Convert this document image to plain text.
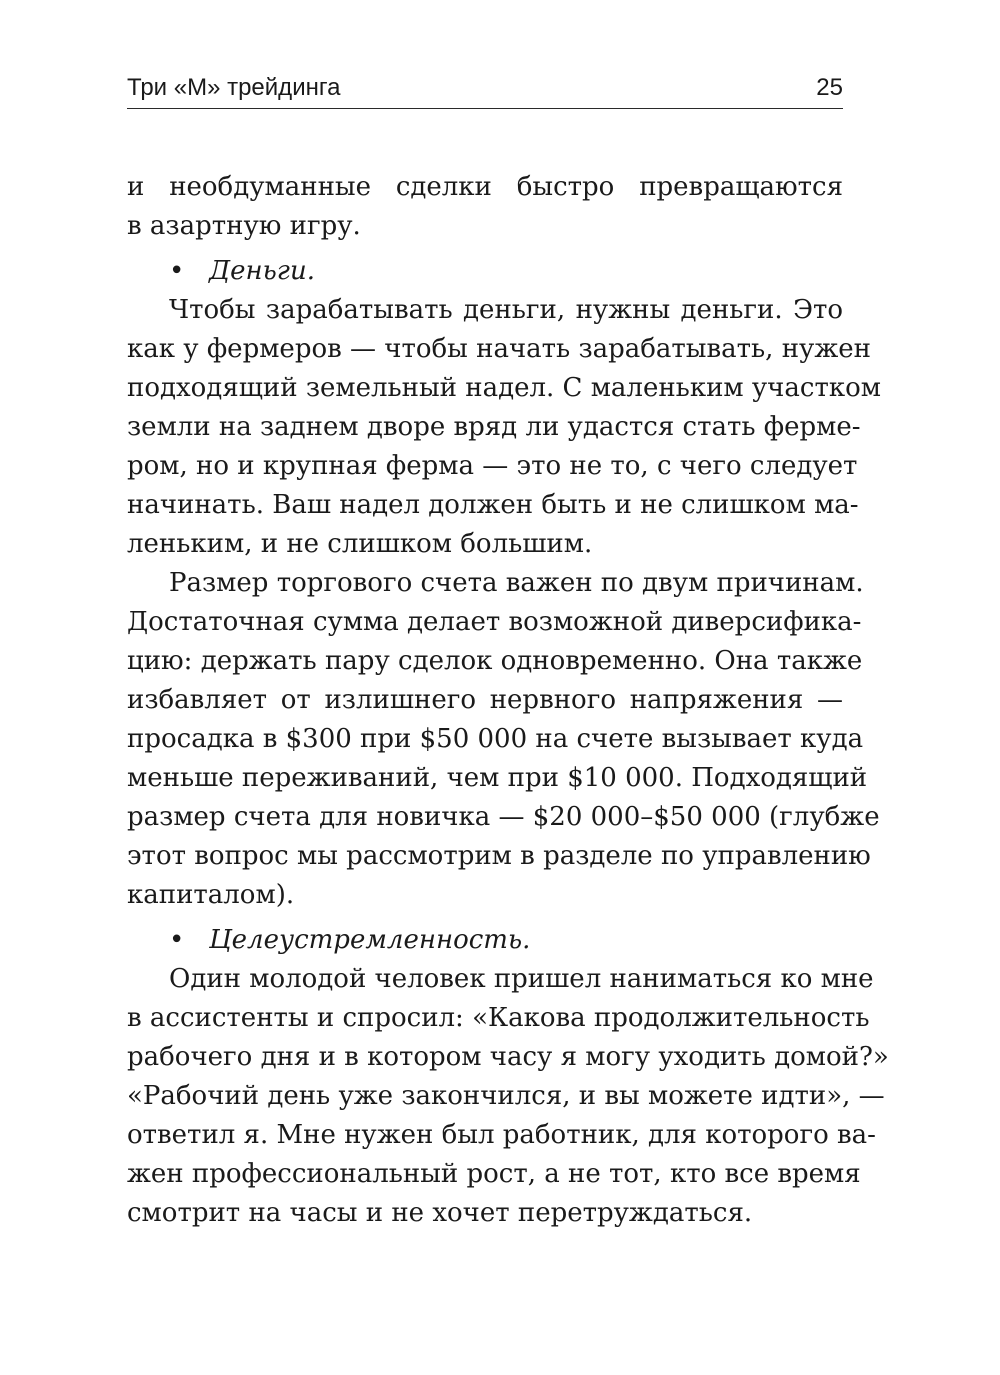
Три «М» трейдинга	25
и необдуманные сделки быстро превращаются
в азартную игру.
• Деньги.
Чтобы зарабатывать деньги, нужны деньги. Это
как у фермеров — чтобы начать зарабатывать, нужен
подходящий земельный надел. С маленьким участком
земли на заднем дворе вряд ли удастся стать ферме-
ром, но и крупная ферма — это не то, с чего следует
начинать. Ваш надел должен быть и не слишком ма-
леньким, и не слишком большим.
Размер торгового счета важен по двум причинам.
Достаточная сумма делает возможной диверсифика-
цию: держать пару сделок одновременно. Она также
избавляет от излишнего нервного напряжения —
просадка в $300 при $50 000 на счете вызывает куда
меньше переживаний, чем при $10 000. Подходящий
размер счета для новичка — $20 000–$50 000 (глубже
этот вопрос мы рассмотрим в разделе по управлению
капиталом).
• Целеустремленность.
Один молодой человек пришел наниматься ко мне
в ассистенты и спросил: «Какова продолжительность
рабочего дня и в котором часу я могу уходить домой?»
«Рабочий день уже закончился, и вы можете идти», —
ответил я. Мне нужен был работник, для которого ва-
жен профессиональный рост, а не тот, кто все время
смотрит на часы и не хочет перетруждаться.
